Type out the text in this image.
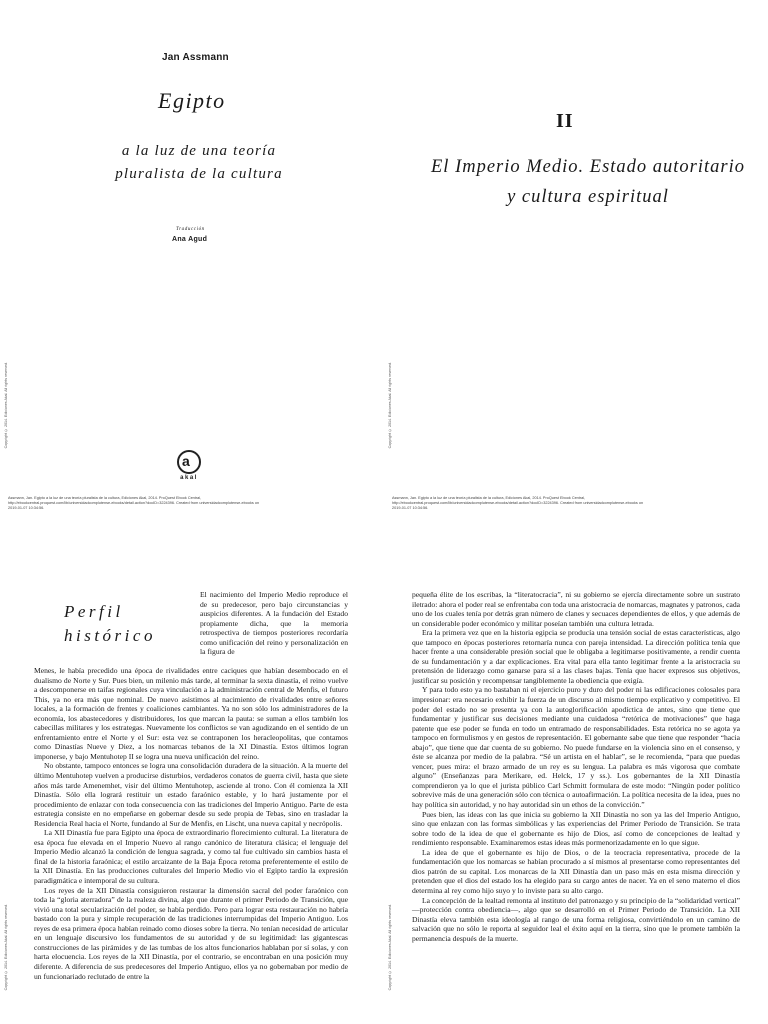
Jan Assmann
Egipto
a la luz de una teoría pluralista de la cultura
Traducción
Ana Agud
Copyright © 2014. Ediciones Akal. All rights reserved.
a
akal
Assmann, Jan. Egipto a la luz de una teoría pluralista de la cultura, Ediciones Akal, 2014. ProQuest Ebook Central, http://ebookcentral.proquest.com/lib/universidadcomplutense-ebooks/detail.action?docID=3224396. Created from universidadcomplutense-ebooks on 2019-01-07 10:34:56.
II
El Imperio Medio. Estado autoritario y cultura espiritual
Copyright © 2014. Ediciones Akal. All rights reserved.
Assmann, Jan. Egipto a la luz de una teoría pluralista de la cultura, Ediciones Akal, 2014. ProQuest Ebook Central, http://ebookcentral.proquest.com/lib/universidadcomplutense-ebooks/detail.action?docID=3224396. Created from universidadcomplutense-ebooks on 2019-01-07 10:34:56.
Perfil
histórico

El nacimiento del Imperio Medio reproduce el de su predecesor, pero bajo circunstancias y auspicios diferentes. A la fundación del Estado propiamente dicha, que la memoria retrospectiva de tiempos posteriores recordaría como unificación del reino y personalización en la figura de

Menes, le había precedido una época de rivalidades entre caciques que habían desembocado en el dualismo de Norte y Sur. Pues bien, un milenio más tarde, al terminar la sexta dinastía, el reino vuelve a descomponerse en taifas regionales cuya vinculación a la administración central de Menfis, el futuro This, ya no era más que nominal. De nuevo asistimos al nacimiento de rivalidades entre señores locales, a la formación de frentes y coaliciones cambiantes. Ya no son sólo los administradores de la economía, los abastecedores y distribuidores, los que marcan la pauta: se suman a ellos también los cabecillas militares y los estrategas. Nuevamente los conflictos se van agudizando en el sentido de un enfrentamiento entre el Norte y el Sur: esta vez se contraponen los heracleopolitas, que contamos como Dinastías Nueve y Diez, a los nomarcas tebanos de la XI Dinastía. Estos últimos logran imponerse, y bajo Mentuhotep II se logra una nueva unificación del reino.

No obstante, tampoco entonces se logra una consolidación duradera de la situación. A la muerte del último Mentuhotep vuelven a producirse disturbios, verdaderos conatos de guerra civil, hasta que siete años más tarde Amenemhet, visir del último Mentuhotep, asciende al trono. Con él comienza la XII Dinastía. Sólo ella logrará restituir un estado faraónico estable, y lo hará justamente por el procedimiento de enlazar con toda consecuencia con las tradiciones del Imperio Antiguo. Parte de esta estrategia consiste en no empeñarse en gobernar desde su sede propia de Tebas, sino en trasladar la Residencia Real hacia el Norte, fundando al Sur de Menfis, en Lischt, una nueva capital y necrópolis.

La XII Dinastía fue para Egipto una época de extraordinario florecimiento cultural. La literatura de esa época fue elevada en el Imperio Nuevo al rango canónico de literatura clásica; el lenguaje del Imperio Medio alcanzó la condición de lengua sagrada, y como tal fue cultivado sin cambios hasta el final de la historia faraónica; el estilo arcaizante de la Baja Época retoma preferentemente el estilo de la XII Dinastía. En las producciones culturales del Imperio Medio vio el Egipto tardío la expresión paradigmática e intemporal de su cultura.

Los reyes de la XII Dinastía consiguieron restaurar la dimensión sacral del poder faraónico con toda la “gloria aterradora” de la realeza divina, algo que durante el primer Periodo de Transición, que vivió una total secularización del poder, se había perdido. Pero para lograr esta restauración no habría bastado con la pura y simple recuperación de las tradiciones interrumpidas del Imperio Antiguo. Los reyes de esa primera época habían reinado como dioses sobre la tierra. No tenían necesidad de articular en un lenguaje discursivo los fundamentos de su autoridad y de su legitimidad: las gigantescas construcciones de las pirámides y de las tumbas de los altos funcionarios hablaban por sí solas, y con harta elocuencia. Los reyes de la XII Dinastía, por el contrario, se encontraban en una posición muy diferente. A diferencia de sus predecesores del Imperio Antiguo, ellos ya no gobernaban por medio de un funcionariado reclutado de entre la

Copyright © 2014. Ediciones Akal. All rights reserved.

pequeña élite de los escribas, la “literatocracia”, ni su gobierno se ejercía directamente sobre un sustrato iletrado: ahora el poder real se enfrentaba con toda una aristocracia de nomarcas, magnates y patronos, cada uno de los cuales tenía por detrás gran número de clanes y secuaces dependientes de ellos, y que además de un considerable poder económico y militar poseían también una cultura letrada.

Era la primera vez que en la historia egipcia se producía una tensión social de estas características, algo que tampoco en épocas posteriores retornaría nunca con pareja intensidad. La dirección política tenía que hacer frente a una considerable presión social que le obligaba a legitimarse positivamente, a rendir cuenta de su fundamentación y a dar explicaciones. Era vital para ella tanto legitimar frente a la aristocracia su pretensión de liderazgo como ganarse para sí a las clases bajas. Tenía que hacer expresos sus objetivos, justificar su posición y recompensar tangiblemente la obediencia que exigía.

Y para todo esto ya no bastaban ni el ejercicio puro y duro del poder ni las edificaciones colosales para impresionar: era necesario exhibir la fuerza de un discurso al mismo tiempo explicativo y competitivo. El poder del estado no se presenta ya con la autoglorificación apodíctica de antes, sino que tiene que fundamentar y justificar sus decisiones mediante una cuidadosa “retórica de motivaciones” que haga patente que ese poder se funda en todo un entramado de responsabilidades. Esta retórica no se agota ya tampoco en formulismos y en gestos de representación. El gobernante sabe que tiene que responder “hacia abajo”, que tiene que dar cuenta de su gobierno. No puede fundarse en la violencia sino en el consenso, y éste se alcanza por medio de la palabra. “Sé un artista en el hablar”, se le recomienda, “para que puedas vencer, pues mira: el brazo armado de un rey es su lengua. La palabra es más vigorosa que combate alguno” (Enseñanzas para Merikare, ed. Helck, 17 y ss.). Los gobernantes de la XII Dinastía comprendieron ya lo que el jurista público Carl Schmitt formulara de este modo: “Ningún poder político sobrevive más de una generación sólo con técnica o autoafirmación. La política necesita de la idea, pues no hay política sin autoridad, y no hay autoridad sin un ethos de la convicción.”

Pues bien, las ideas con las que inicia su gobierno la XII Dinastía no son ya las del Imperio Antiguo, sino que enlazan con las formas simbólicas y las experiencias del Primer Periodo de Transición. Se trata sobre todo de la idea de que el gobernante es hijo de Dios, así como de concepciones de lealtad y rendimiento responsable. Examinaremos estas ideas más pormenorizadamente en lo que sigue.

La idea de que el gobernante es hijo de Dios, o de la teocracia representativa, procede de la fundamentación que los nomarcas se habían procurado a sí mismos al presentarse como representantes del dios patrón de su capital. Los monarcas de la XII Dinastía dan un paso más en esta misma dirección y pretenden que el dios del estado los ha elegido para su cargo antes de nacer. Ya en el seno materno el dios determina al rey como hijo suyo y lo inviste para su alto cargo.

La concepción de la lealtad remonta al instituto del patronazgo y su principio de la “solidaridad vertical” —protección contra obediencia—, algo que se desarrolló en el Primer Periodo de Transición. La XII Dinastía eleva también esta ideología al rango de una forma religiosa, convirtiéndolo en un camino de salvación que no sólo le reporta al seguidor leal el éxito aquí en la tierra, sino que le promete también la permanencia después de la muerte.

Copyright © 2014. Ediciones Akal. All rights reserved.
